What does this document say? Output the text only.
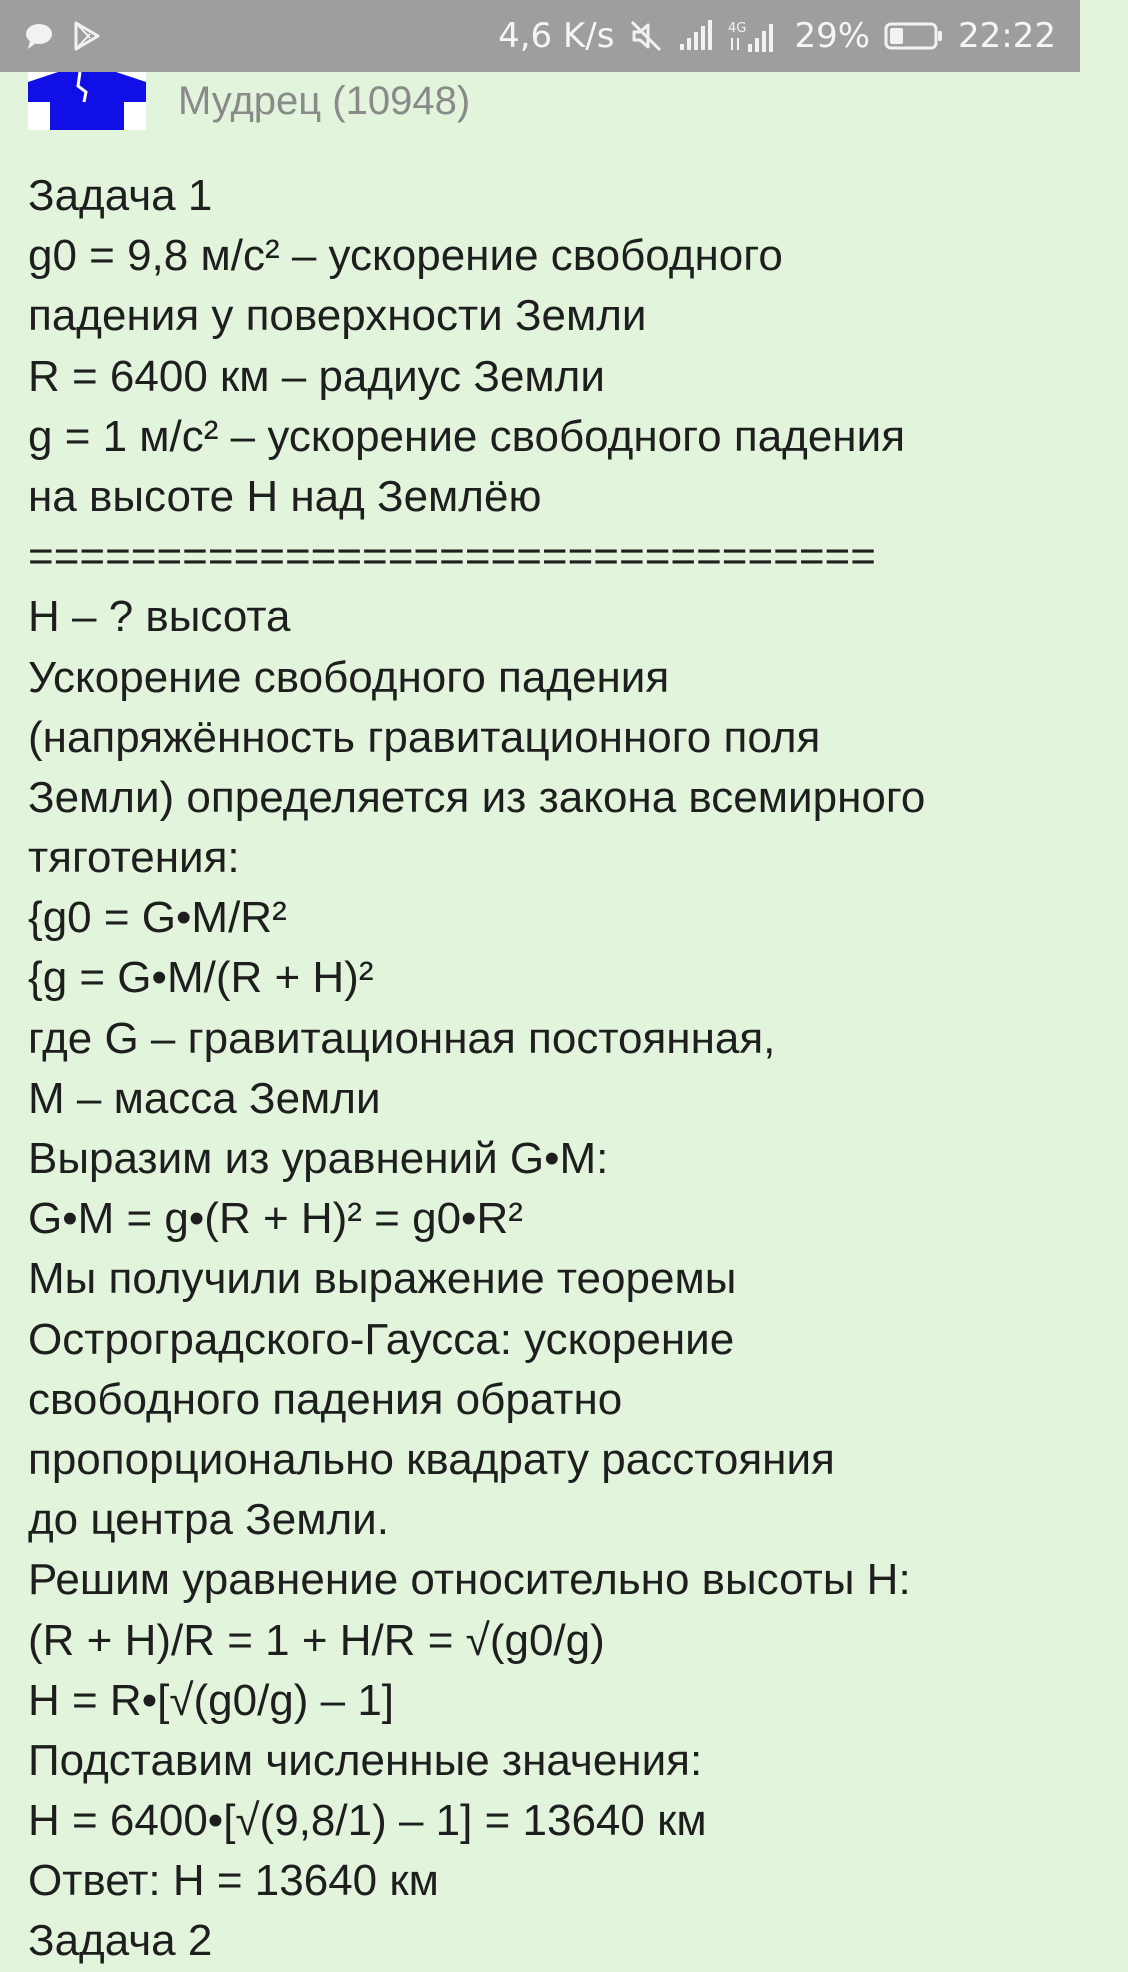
4,6 K/s	4G 29%	22:22
Мудрец (10948)
Задача 1
g0 = 9,8 м/c² – ускорение свободного
падения у поверхности Земли
R = 6400 км – радиус Земли
g = 1 м/c² – ускорение свободного падения
на высоте H над Землёю
=================================
H – ? высота
Ускорение свободного падения
(напряжённость гравитационного поля
Земли) определяется из закона всемирного
тяготения:
{g0 = G•M/R²
{g = G•M/(R + H)²
где G – гравитационная постоянная,
M – масса Земли
Выразим из уравнений G•M:
G•M = g•(R + H)² = g0•R²
Мы получили выражение теоремы
Остроградского-Гаусса: ускорение
свободного падения обратно
пропорционально квадрату расстояния
до центра Земли.
Решим уравнение относительно высоты H:
(R + H)/R = 1 + H/R = √(g0/g)
H = R•[√(g0/g) – 1]
Подставим численные значения:
H = 6400•[√(9,8/1) – 1] = 13640 км
Ответ: H = 13640 км
Задача 2
